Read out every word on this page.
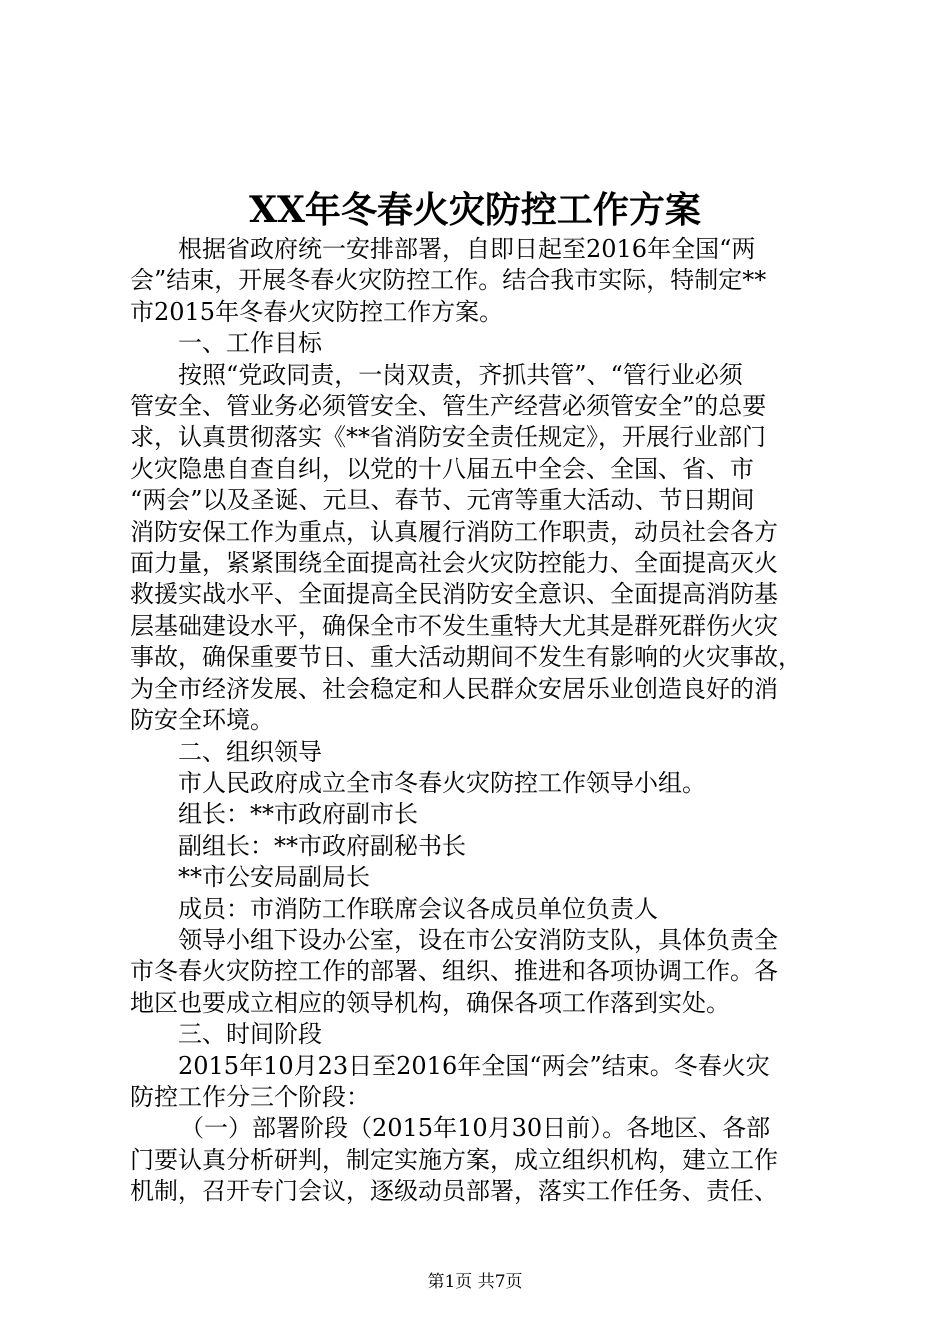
XX年冬春火灾防控工作方案

根据省政府统一安排部署，自即日起至2016年全国“两

会”结束，开展冬春火灾防控工作。结合我市实际，特制定**

市2015年冬春火灾防控工作方案。

一、工作目标

按照“党政同责，一岗双责，齐抓共管”、“管行业必须

管安全、管业务必须管安全、管生产经营必须管安全”的总要

求，认真贯彻落实《**省消防安全责任规定》，开展行业部门

火灾隐患自查自纠，以党的十八届五中全会、全国、省、市

“两会”以及圣诞、元旦、春节、元宵等重大活动、节日期间

消防安保工作为重点，认真履行消防工作职责，动员社会各方

面力量，紧紧围绕全面提高社会火灾防控能力、全面提高灭火

救援实战水平、全面提高全民消防安全意识、全面提高消防基

层基础建设水平，确保全市不发生重特大尤其是群死群伤火灾

事故，确保重要节日、重大活动期间不发生有影响的火灾事故，

为全市经济发展、社会稳定和人民群众安居乐业创造良好的消

防安全环境。

二、组织领导

市人民政府成立全市冬春火灾防控工作领导小组。

组长：**市政府副市长

副组长：**市政府副秘书长

**市公安局副局长

成员：市消防工作联席会议各成员单位负责人

领导小组下设办公室，设在市公安消防支队，具体负责全

市冬春火灾防控工作的部署、组织、推进和各项协调工作。各

地区也要成立相应的领导机构，确保各项工作落到实处。

三、时间阶段

2015年10月23日至2016年全国“两会”结束。冬春火灾

防控工作分三个阶段：

（一）部署阶段（2015年10月30日前）。各地区、各部

门要认真分析研判，制定实施方案，成立组织机构，建立工作

机制，召开专门会议，逐级动员部署，落实工作任务、责任、

第1页 共7页
